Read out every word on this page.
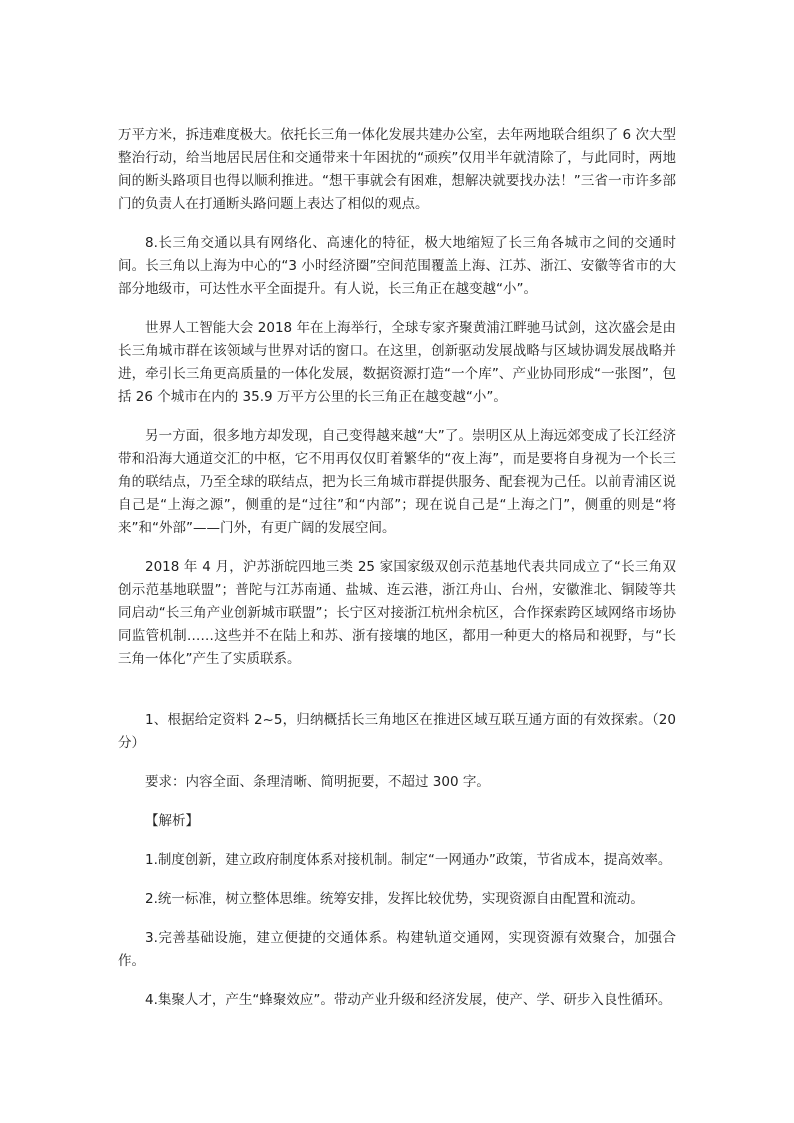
万平方米，拆违难度极大。依托长三角一体化发展共建办公室，去年两地联合组织了 6 次大型整治行动，给当地居民居住和交通带来十年困扰的“顽疾”仅用半年就清除了，与此同时，两地间的断头路项目也得以顺利推进。“想干事就会有困难，想解决就要找办法！”三省一市许多部门的负责人在打通断头路问题上表达了相似的观点。

8.长三角交通以具有网络化、高速化的特征，极大地缩短了长三角各城市之间的交通时间。长三角以上海为中心的“3 小时经济圈”空间范围覆盖上海、江苏、浙江、安徽等省市的大部分地级市，可达性水平全面提升。有人说，长三角正在越变越“小”。

世界人工智能大会 2018 年在上海举行，全球专家齐聚黄浦江畔驰马试剑，这次盛会是由长三角城市群在该领域与世界对话的窗口。在这里，创新驱动发展战略与区域协调发展战略并进，牵引长三角更高质量的一体化发展，数据资源打造“一个库”、产业协同形成“一张图”，包括 26 个城市在内的 35.9 万平方公里的长三角正在越变越“小”。

另一方面，很多地方却发现，自己变得越来越“大”了。崇明区从上海远郊变成了长江经济带和沿海大通道交汇的中枢，它不用再仅仅盯着繁华的“夜上海”，而是要将自身视为一个长三角的联结点，乃至全球的联结点，把为长三角城市群提供服务、配套视为己任。以前青浦区说自己是“上海之源”，侧重的是“过往”和“内部”；现在说自己是“上海之门”，侧重的则是“将来”和“外部”——门外，有更广阔的发展空间。

2018 年 4 月，沪苏浙皖四地三类 25 家国家级双创示范基地代表共同成立了“长三角双创示范基地联盟”；普陀与江苏南通、盐城、连云港，浙江舟山、台州，安徽淮北、铜陵等共同启动“长三角产业创新城市联盟”；长宁区对接浙江杭州余杭区，合作探索跨区域网络市场协同监管机制……这些并不在陆上和苏、浙有接壤的地区，都用一种更大的格局和视野，与“长三角一体化”产生了实质联系。

1、根据给定资料 2~5，归纳概括长三角地区在推进区域互联互通方面的有效探索。（20 分）

要求：内容全面、条理清晰、简明扼要，不超过 300 字。

【解析】

1.制度创新，建立政府制度体系对接机制。制定“一网通办”政策，节省成本，提高效率。

2.统一标准，树立整体思维。统筹安排，发挥比较优势，实现资源自由配置和流动。

3.完善基础设施，建立便捷的交通体系。构建轨道交通网，实现资源有效聚合，加强合作。

4.集聚人才，产生“蜂聚效应”。带动产业升级和经济发展，使产、学、研步入良性循环。
